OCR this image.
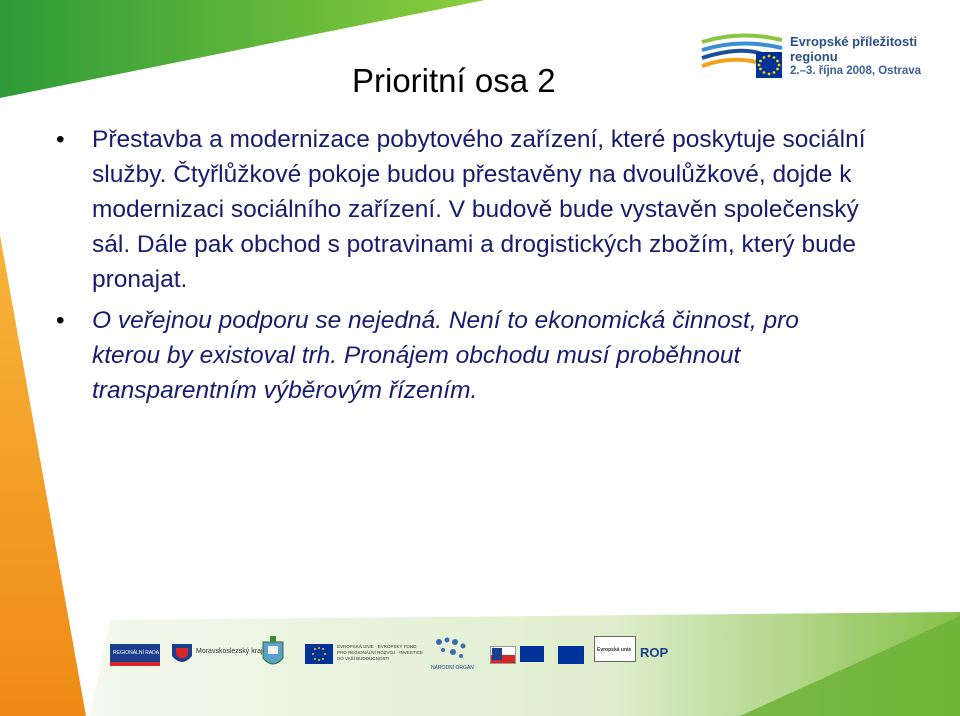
Prioritní osa 2
• Přestavba a modernizace pobytového zařízení, které poskytuje sociální služby. Čtyřlůžkové pokoje budou přestavěny na dvoulůžkové, dojde k modernizaci sociálního zařízení. V budově bude vystavěn společenský sál. Dále pak obchod s potravinami a drogistických zbožím, který bude pronajat.
• O veřejnou podporu se nejedná. Není to ekonomická činnost, pro kterou by existoval trh. Pronájem obchodu musí proběhnout transparentním výběrovým řízením.
Evropské příležitosti
regionu
2.–3. října 2008, Ostrava
REGIONÁLNÍ RADA	Moravskoslezský kraj
EVROPSKÁ UNIE · EVROPSKÝ FOND PRO REGIONÁLNÍ ROZVOJ · INVESTICE DO VAŠÍ BUDOUCNOSTI
NÁRODNÍ ORGÁN
Evropská unie ROP
